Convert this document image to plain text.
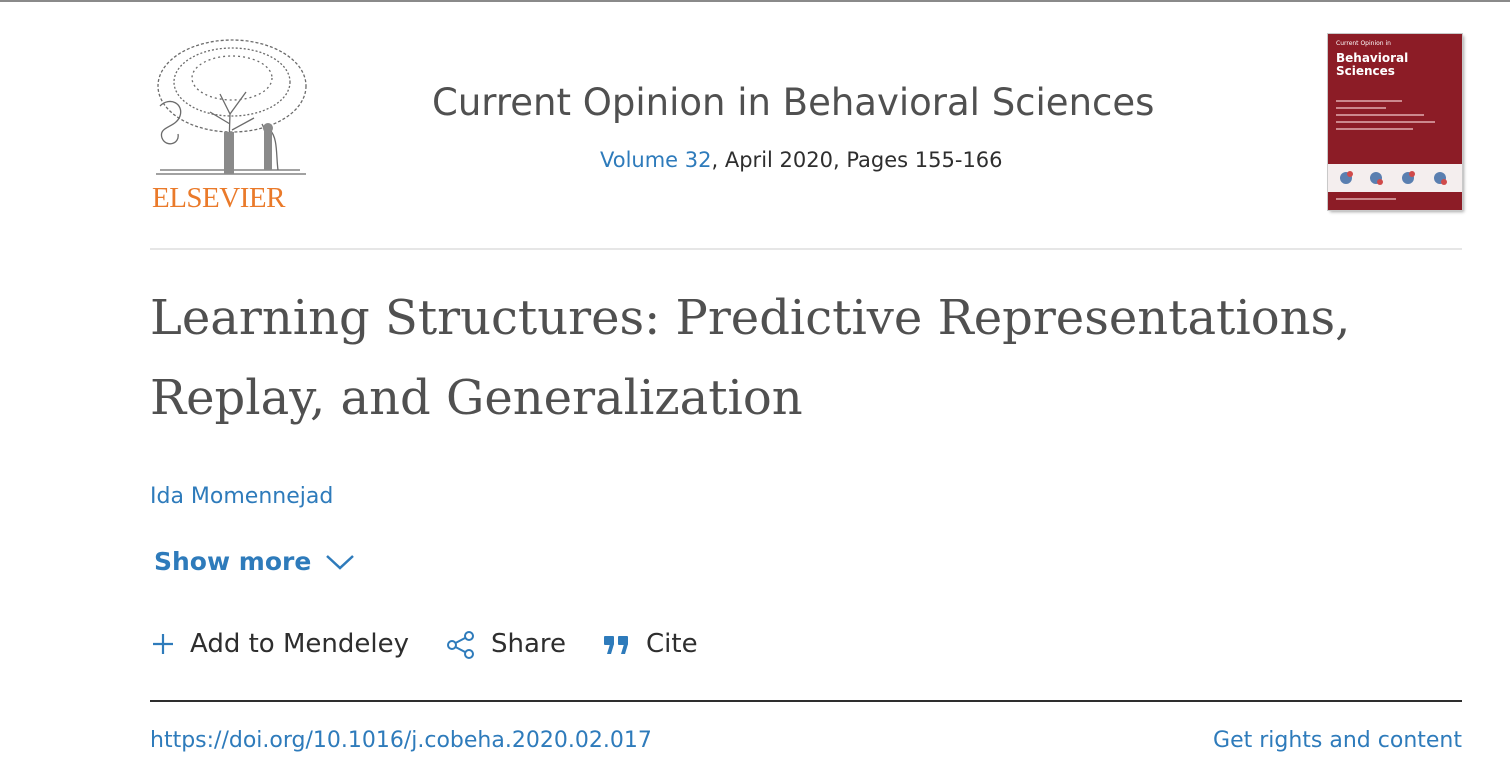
ELSEVIER
Current Opinion in Behavioral Sciences
Volume 32, April 2020, Pages 155-166
Current Opinion in
Behavioral
Sciences
Learning Structures: Predictive Representations, Replay, and Generalization
Ida Momennejad
Show more
Add to Mendeley	Share	Cite
https://doi.org/10.1016/j.cobeha.2020.02.017	Get rights and content
